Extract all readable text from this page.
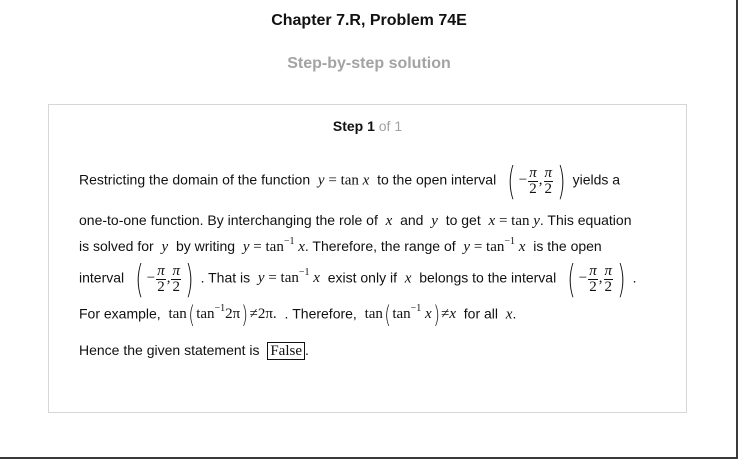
Chapter 7.R, Problem 74E
Step-by-step solution
Step 1 of 1
Restricting the domain of the function y = tan x to the open interval ( − $\frac{\pi}{2}$ , $\frac{\pi}{2}$ ) yields a
one-to-one function. By interchanging the role of x and y to get x = tan y. This equation
is solved for y by writing $y = \tan^{-1} x$. Therefore, the range of $y = \tan^{-1} x$ is the open
interval ( − $\frac{\pi}{2}$ , $\frac{\pi}{2}$ ) . That is $y = \tan^{-1} x$ exist only if x belongs to the interval ( − $\frac{\pi}{2}$ , $\frac{\pi}{2}$ ) .
For example, $\tan(\tan^{-1}2\pi)\ne 2\pi$. . Therefore, $\tan(\tan^{-1}$ x)≠x for all x.
Hence the given statement is False .
